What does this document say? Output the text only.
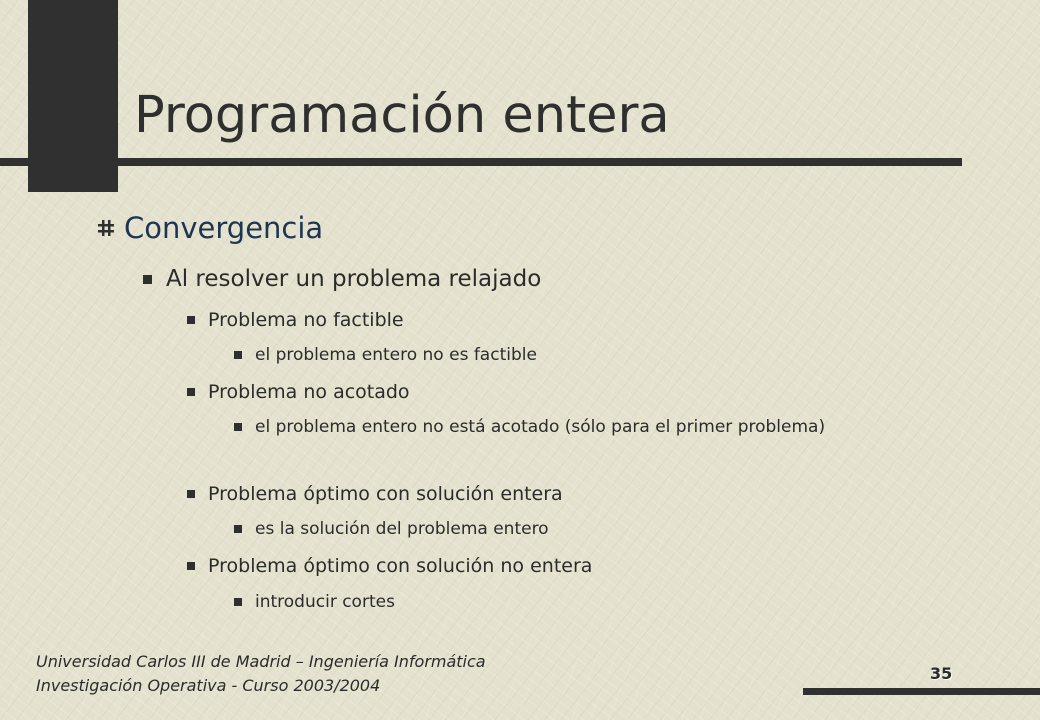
Programación entera
Convergencia
Al resolver un problema relajado
Problema no factible
el problema entero no es factible
Problema no acotado
el problema entero no está acotado (sólo para el primer problema)
Problema óptimo con solución entera
es la solución del problema entero
Problema óptimo con solución no entera
introducir cortes
Universidad Carlos III de Madrid – Ingeniería Informática
Investigación Operativa - Curso 2003/2004
35
